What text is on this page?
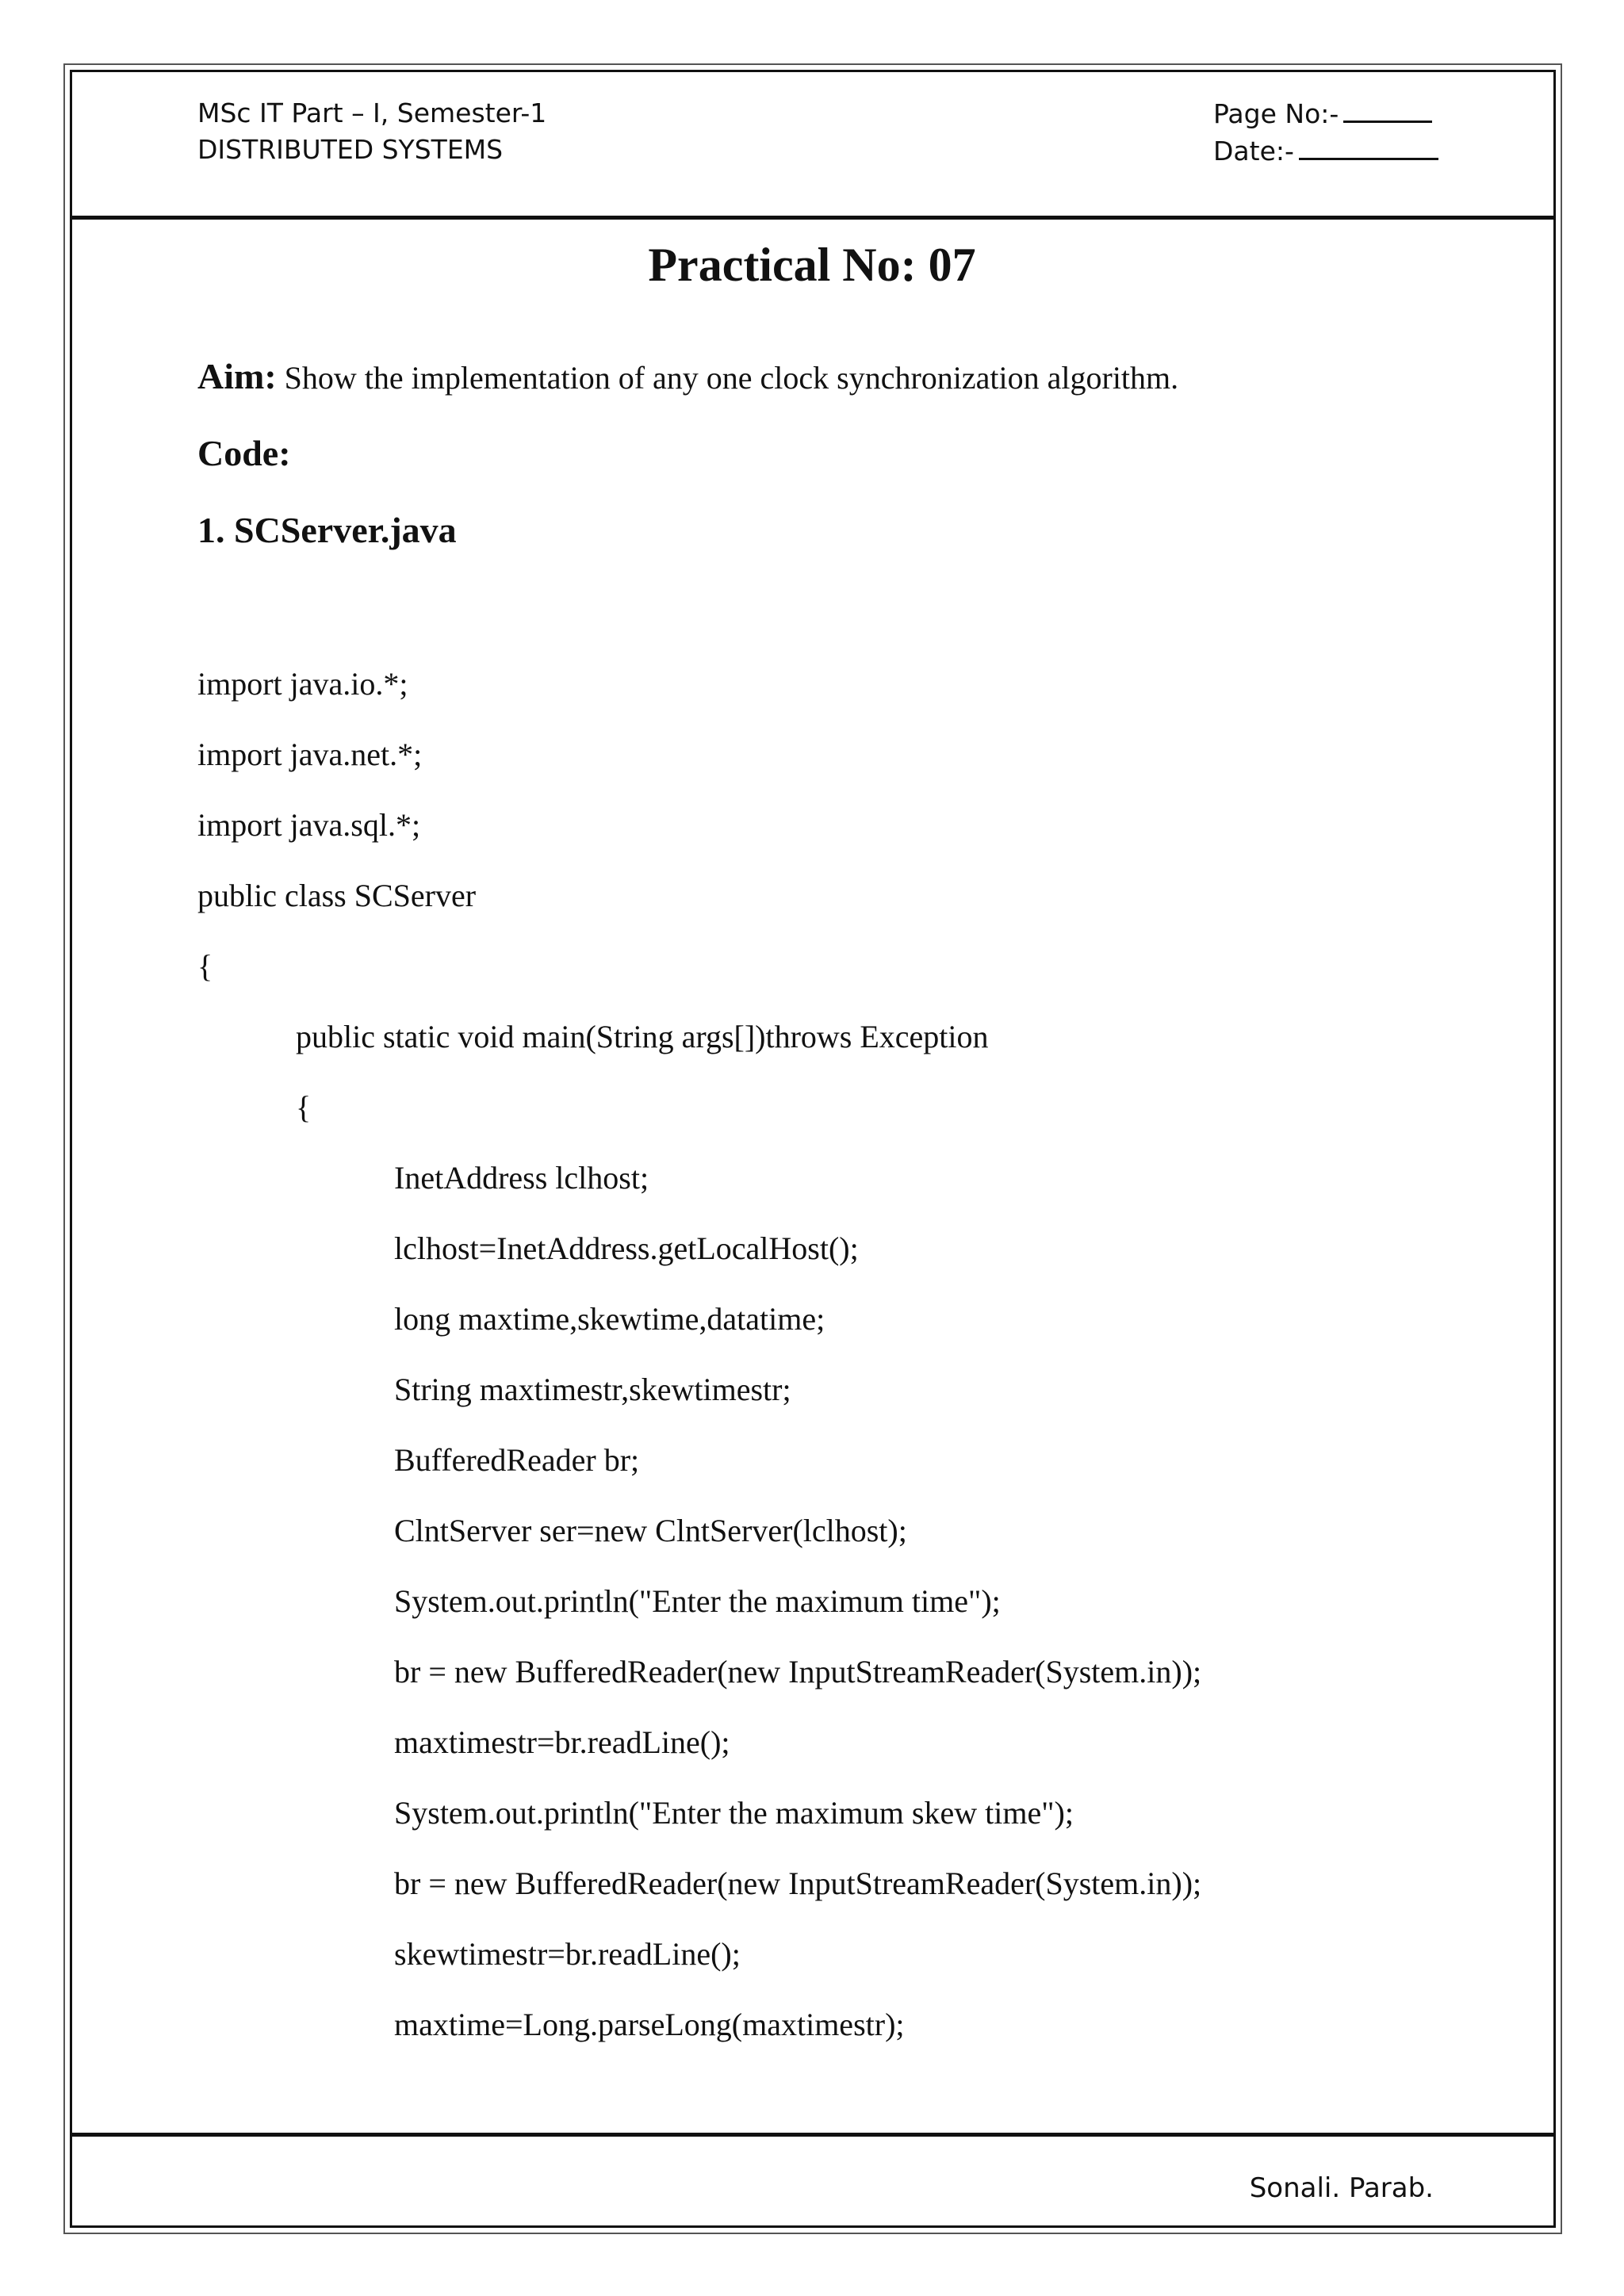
MSc IT Part – I, Semester-1
DISTRIBUTED SYSTEMS
Page No:-
Date:-
Practical No: 07
Aim: Show the implementation of any one clock synchronization algorithm.
Code:
1. SCServer.java
import java.io.*;
import java.net.*;
import java.sql.*;
public class SCServer
{
public static void main(String args[])throws Exception
{
InetAddress lclhost;
lclhost=InetAddress.getLocalHost();
long maxtime,skewtime,datatime;
String maxtimestr,skewtimestr;
BufferedReader br;
ClntServer ser=new ClntServer(lclhost);
System.out.println("Enter the maximum time");
br = new BufferedReader(new InputStreamReader(System.in));
maxtimestr=br.readLine();
System.out.println("Enter the maximum skew time");
br = new BufferedReader(new InputStreamReader(System.in));
skewtimestr=br.readLine();
maxtime=Long.parseLong(maxtimestr);
Sonali. Parab.
